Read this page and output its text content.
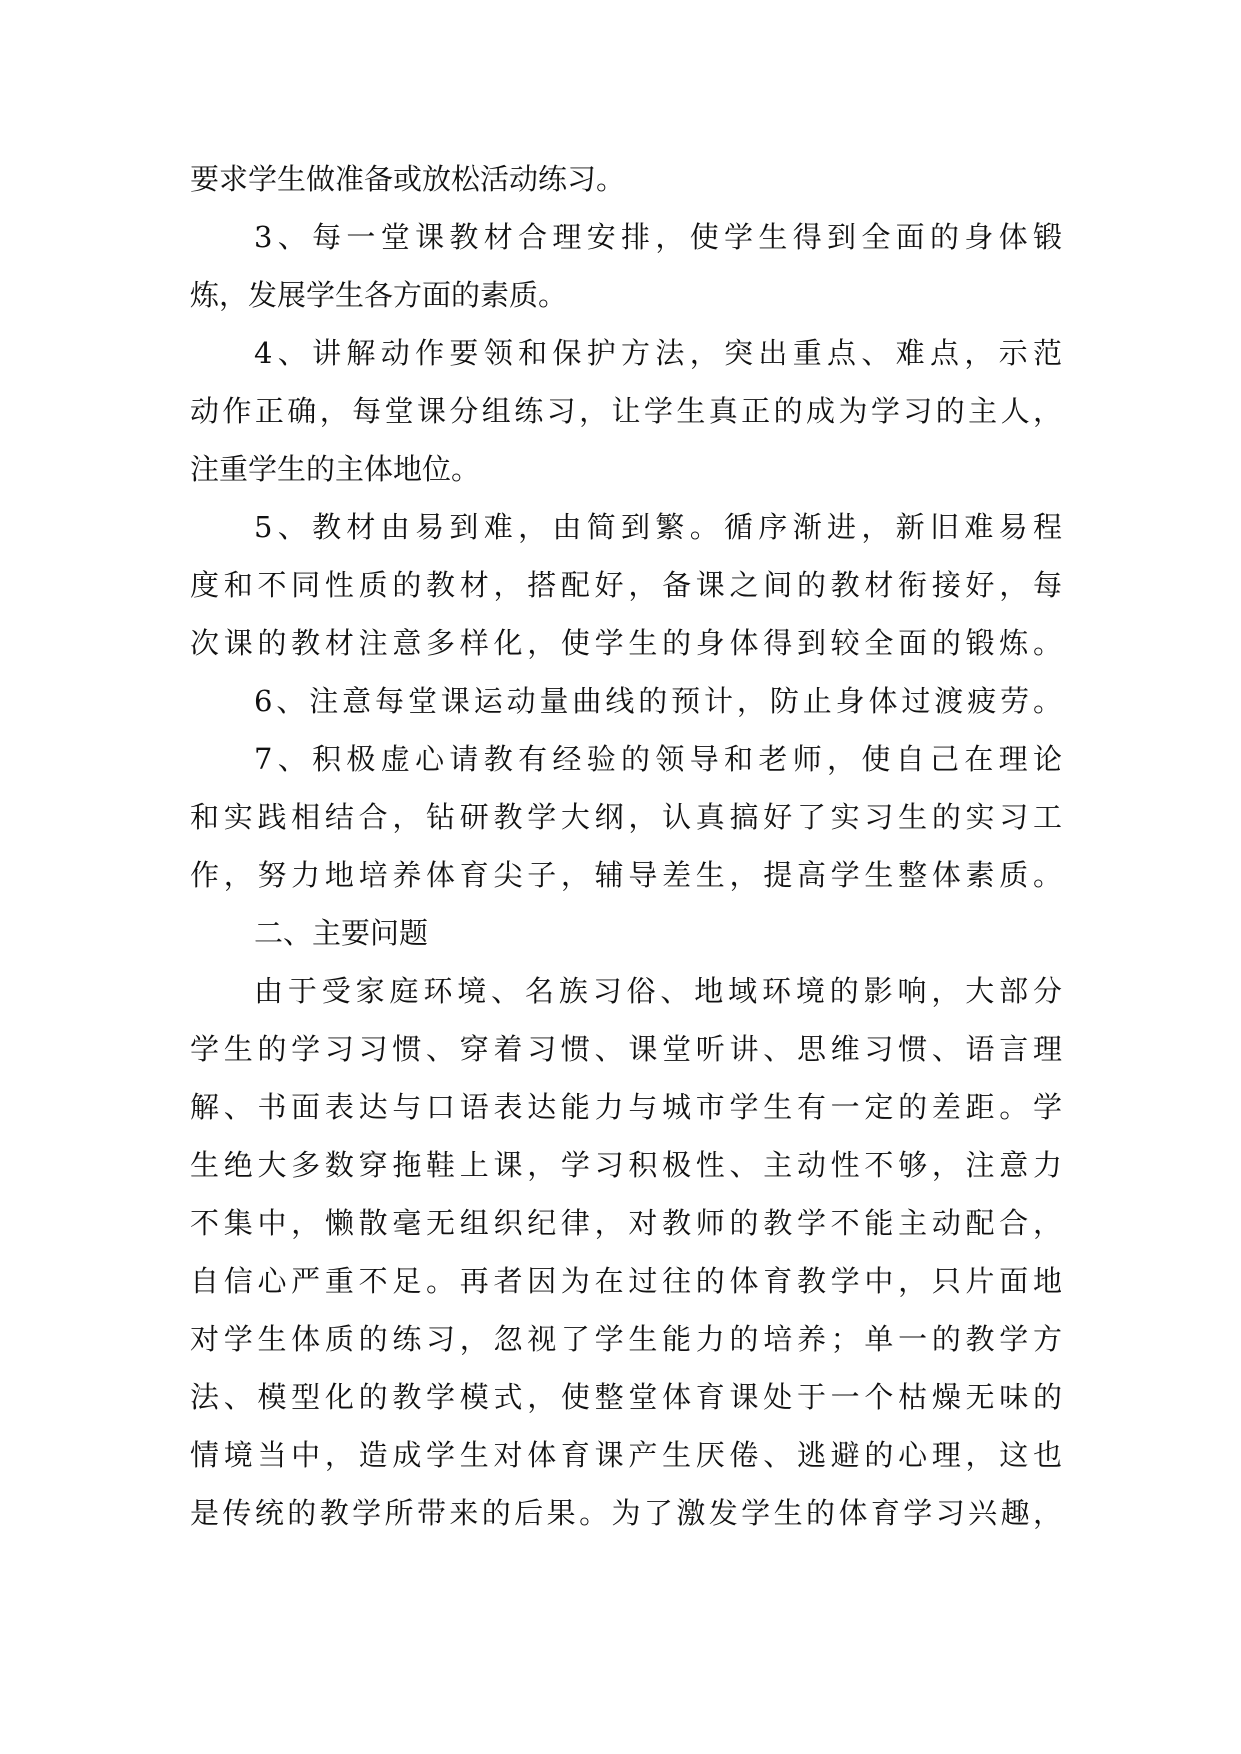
要求学生做准备或放松活动练习。
3、每一堂课教材合理安排，使学生得到全面的身体锻
炼，发展学生各方面的素质。
4、讲解动作要领和保护方法，突出重点、难点，示范
动作正确，每堂课分组练习，让学生真正的成为学习的主人，
注重学生的主体地位。
5、教材由易到难，由简到繁。循序渐进，新旧难易程
度和不同性质的教材，搭配好，备课之间的教材衔接好，每
次课的教材注意多样化，使学生的身体得到较全面的锻炼。
6、注意每堂课运动量曲线的预计，防止身体过渡疲劳。
7、积极虚心请教有经验的领导和老师，使自己在理论
和实践相结合，钻研教学大纲，认真搞好了实习生的实习工
作，努力地培养体育尖子，辅导差生，提高学生整体素质。
二、主要问题
由于受家庭环境、名族习俗、地域环境的影响，大部分
学生的学习习惯、穿着习惯、课堂听讲、思维习惯、语言理
解、书面表达与口语表达能力与城市学生有一定的差距。学
生绝大多数穿拖鞋上课，学习积极性、主动性不够，注意力
不集中，懒散毫无组织纪律，对教师的教学不能主动配合，
自信心严重不足。再者因为在过往的体育教学中，只片面地
对学生体质的练习，忽视了学生能力的培养；单一的教学方
法、模型化的教学模式，使整堂体育课处于一个枯燥无味的
情境当中，造成学生对体育课产生厌倦、逃避的心理，这也
是传统的教学所带来的后果。为了激发学生的体育学习兴趣，
